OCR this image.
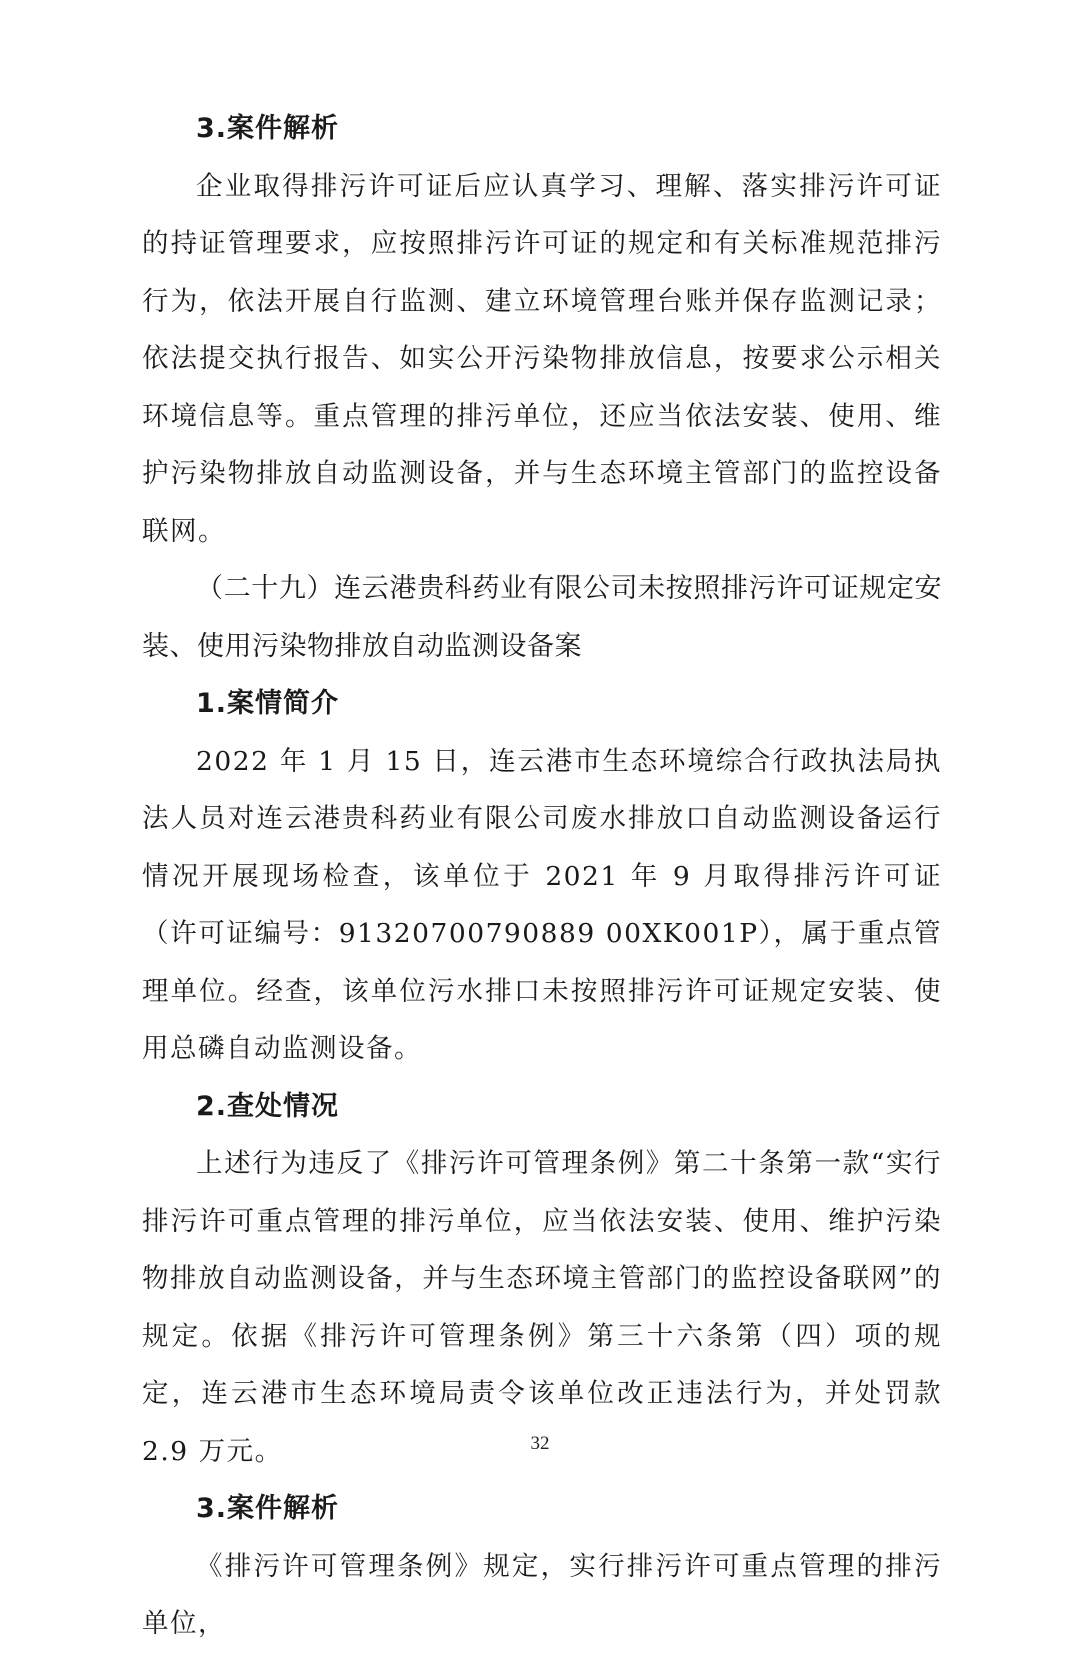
3.案件解析

企业取得排污许可证后应认真学习、理解、落实排污许可证的持证管理要求，应按照排污许可证的规定和有关标准规范排污行为，依法开展自行监测、建立环境管理台账并保存监测记录；依法提交执行报告、如实公开污染物排放信息，按要求公示相关环境信息等。重点管理的排污单位，还应当依法安装、使用、维护污染物排放自动监测设备，并与生态环境主管部门的监控设备联网。

（二十九）连云港贵科药业有限公司未按照排污许可证规定安装、使用污染物排放自动监测设备案

1.案情简介

2022 年 1 月 15 日，连云港市生态环境综合行政执法局执法人员对连云港贵科药业有限公司废水排放口自动监测设备运行情况开展现场检查，该单位于 2021 年 9 月取得排污许可证（许可证编号：91320700790889 00XK001P），属于重点管理单位。经查，该单位污水排口未按照排污许可证规定安装、使用总磷自动监测设备。

2.查处情况

上述行为违反了《排污许可管理条例》第二十条第一款“实行排污许可重点管理的排污单位，应当依法安装、使用、维护污染物排放自动监测设备，并与生态环境主管部门的监控设备联网”的规定。依据《排污许可管理条例》第三十六条第（四）项的规定，连云港市生态环境局责令该单位改正违法行为，并处罚款 2.9 万元。

3.案件解析

《排污许可管理条例》规定，实行排污许可重点管理的排污单位，

32
